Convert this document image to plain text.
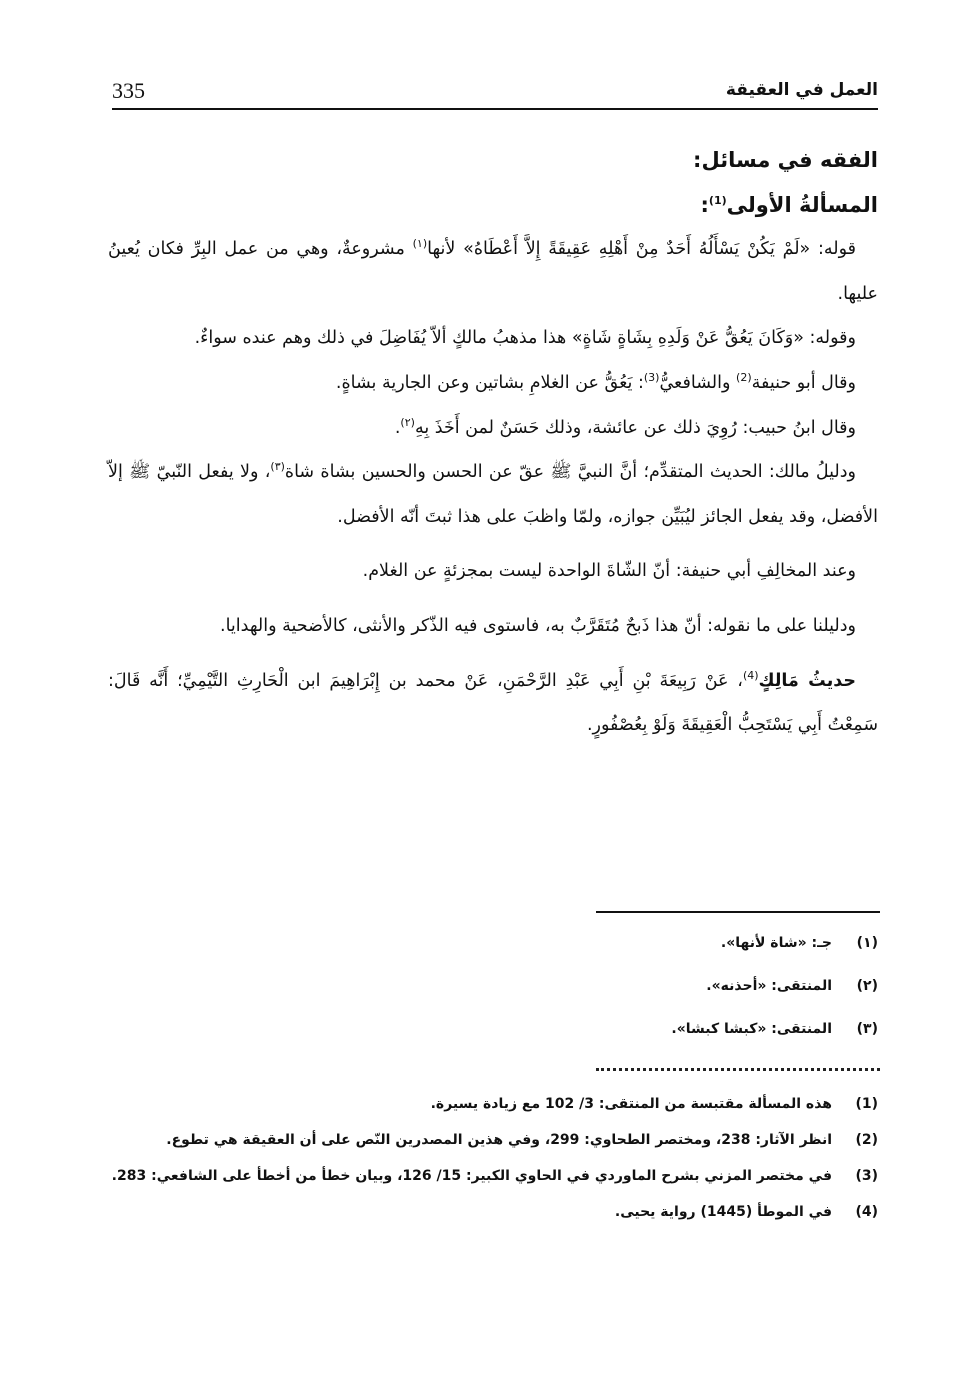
335	العمل في العقيقة

الفقه في مسائل:

المسألةُ الأولى$^{(1)}$:

قوله: «لَمْ يَكُنْ يَسْأَلُهُ أَحَدٌ مِنْ أَهْلِهِ عَقِيقَةً إِلاَّ أَعْطَاهُ» لأنها$^{(١)}$ مشروعةٌ، وهي من عمل البِرِّ فكان يُعينُ عليها.

وقوله: «وَكَانَ يَعُقُّ عَنْ وَلَدِهِ بِشَاةٍ شَاةٍ» هذا مذهبُ مالكٍ ألاّ يُفَاضِلَ في ذلك وهم عنده سواءٌ.

وقال أبو حنيفة$^{(2)}$ والشافعيُّ$^{(3)}$: يَعُقُّ عن الغلامِ بشاتين وعن الجارية بشاةٍ.

وقال ابنُ حبيب: رُوِيَ ذلك عن عائشة، وذلك حَسَنٌ لمن أَخَذَ بِهِ$^{(٢)}$.

ودليلُ مالك: الحديث المتقدِّم؛ أنَّ النبيَّ ﷺ عقّ عن الحسن والحسين بشاة شاة$^{(٣)}$، ولا يفعل النّبيّ ﷺ إلاّ الأفضل، وقد يفعل الجائز ليُبَيِّن جوازه، ولمّا واظبَ على هذا ثبتَ أنّه الأفضل.

وعند المخالِفِ أبي حنيفة: أنّ الشّاةَ الواحدة ليست بمجزئةٍ عن الغلام.

ودليلنا على ما نقوله: أنّ هذا ذَبحٌ مُتَقَرَّبٌ به، فاستوى فيه الذّكر والأنثى، كالأضحية والهدايا.

حديثُ مَالِكٍ$^{(4)}$، عَنْ رَبِيعَةَ بْنِ أَبِي عَبْدِ الرَّحْمَنِ، عَنْ محمد بن إِبْرَاهِيمَ ابن الْحَارِثِ التَّيْمِيِّ؛ أَنَّه قَالَ: سَمِعْتُ أَبِي يَسْتَحِبُّ الْعَقِيقَةَ وَلَوْ بِعُصْفُورٍ.

(١)
جـ: «شاة لأنها».
(٢)
المنتقى: «أحذنه».
(٣)
المنتقى: «كبشا كبشا».
(1)
هذه المسألة مقتبسة من المنتقى: 3/ 102 مع زيادة يسيرة.
(2)
انظر الآثار: 238، ومختصر الطحاوي: 299، وفي هذين المصدرين النّص على أن العقيقة هي تطوع.
(3)
في مختصر المزني بشرح الماوردي في الحاوي الكبير: 15/ 126، وبيان خطأ من أخطأ على الشافعي: 283.
(4)
في الموطأ (1445) رواية يحيى.
